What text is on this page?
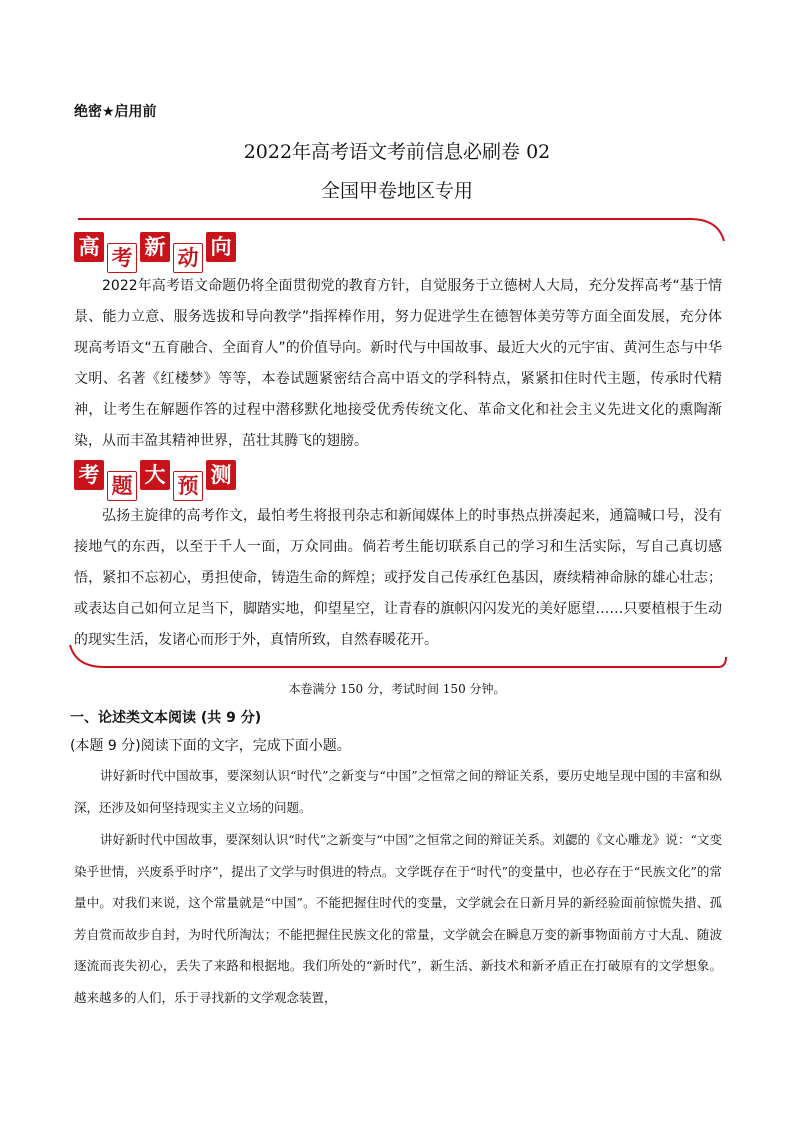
绝密★启用前
2022年高考语文考前信息必刷卷 02
全国甲卷地区专用
高 考 新 动 向
2022年高考语文命题仍将全面贯彻党的教育方针，自觉服务于立德树人大局，充分发挥高考“基于情景、能力立意、服务选拔和导向教学”指挥棒作用，努力促进学生在德智体美劳等方面全面发展，充分体现高考语文“五育融合、全面育人”的价值导向。新时代与中国故事、最近大火的元宇宙、黄河生态与中华文明、名著《红楼梦》等等，本卷试题紧密结合高中语文的学科特点，紧紧扣住时代主题，传承时代精神，让考生在解题作答的过程中潜移默化地接受优秀传统文化、革命文化和社会主义先进文化的熏陶渐染，从而丰盈其精神世界，茁壮其腾飞的翅膀。
考 题 大 预 测
弘扬主旋律的高考作文，最怕考生将报刊杂志和新闻媒体上的时事热点拼凑起来，通篇喊口号，没有接地气的东西，以至于千人一面，万众同曲。倘若考生能切联系自己的学习和生活实际，写自己真切感悟，紧扣不忘初心，勇担使命，铸造生命的辉煌；或抒发自己传承红色基因，赓续精神命脉的雄心壮志；或表达自己如何立足当下，脚踏实地，仰望星空，让青春的旗帜闪闪发光的美好愿望……只要植根于生动的现实生活，发诸心而形于外，真情所致，自然春暖花开。
本卷满分 150 分，考试时间 150 分钟。
一、论述类文本阅读 (共 9 分)
(本题 9 分)阅读下面的文字，完成下面小题。
讲好新时代中国故事，要深刻认识“时代”之新变与“中国”之恒常之间的辩证关系，要历史地呈现中国的丰富和纵深，还涉及如何坚持现实主义立场的问题。
讲好新时代中国故事，要深刻认识“时代”之新变与“中国”之恒常之间的辩证关系。刘勰的《文心雕龙》说：“文变染乎世情，兴废系乎时序”，提出了文学与时俱进的特点。文学既存在于“时代”的变量中，也必存在于“民族文化”的常量中。对我们来说，这个常量就是“中国”。不能把握住时代的变量，文学就会在日新月异的新经验面前惊慌失措、孤芳自赏而故步自封，为时代所淘汰；不能把握住民族文化的常量，文学就会在瞬息万变的新事物面前方寸大乱、随波逐流而丧失初心，丢失了来路和根据地。我们所处的“新时代”，新生活、新技术和新矛盾正在打破原有的文学想象。越来越多的人们，乐于寻找新的文学观念装置，
